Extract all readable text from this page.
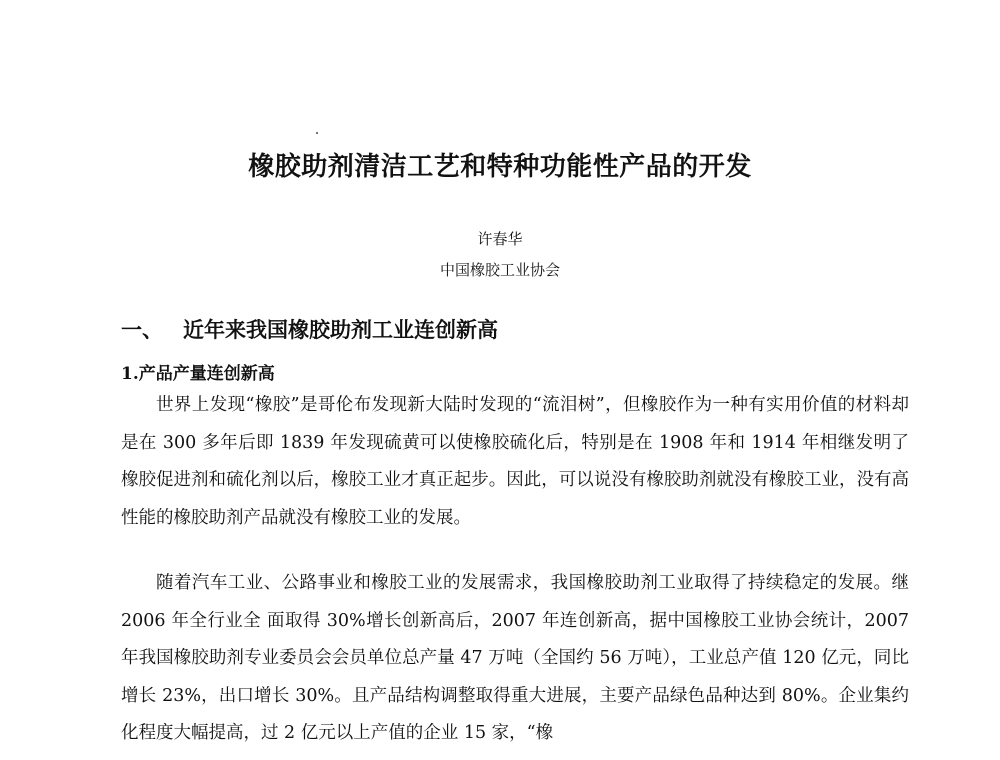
橡胶助剂清洁工艺和特种功能性产品的开发

许春华

中国橡胶工业协会

一、 近年来我国橡胶助剂工业连创新高
1.产品产量连创新高

世界上发现“橡胶”是哥伦布发现新大陆时发现的“流泪树”，但橡胶作为一种有实用价值的材料却是在 300 多年后即 1839 年发现硫黄可以使橡胶硫化后，特别是在 1908 年和 1914 年相继发明了橡胶促进剂和硫化剂以后，橡胶工业才真正起步。因此，可以说没有橡胶助剂就没有橡胶工业，没有高性能的橡胶助剂产品就没有橡胶工业的发展。

随着汽车工业、公路事业和橡胶工业的发展需求，我国橡胶助剂工业取得了持续稳定的发展。继 2006 年全行业全 面取得 30%增长创新高后，2007 年连创新高，据中国橡胶工业协会统计，2007 年我国橡胶助剂专业委员会会员单位总产量 47 万吨（全国约 56 万吨），工业总产值 120 亿元，同比增长 23%，出口增长 30%。且产品结构调整取得重大进展，主要产品绿色品种达到 80%。企业集约化程度大幅提高，过 2 亿元以上产值的企业 15 家，“橡
